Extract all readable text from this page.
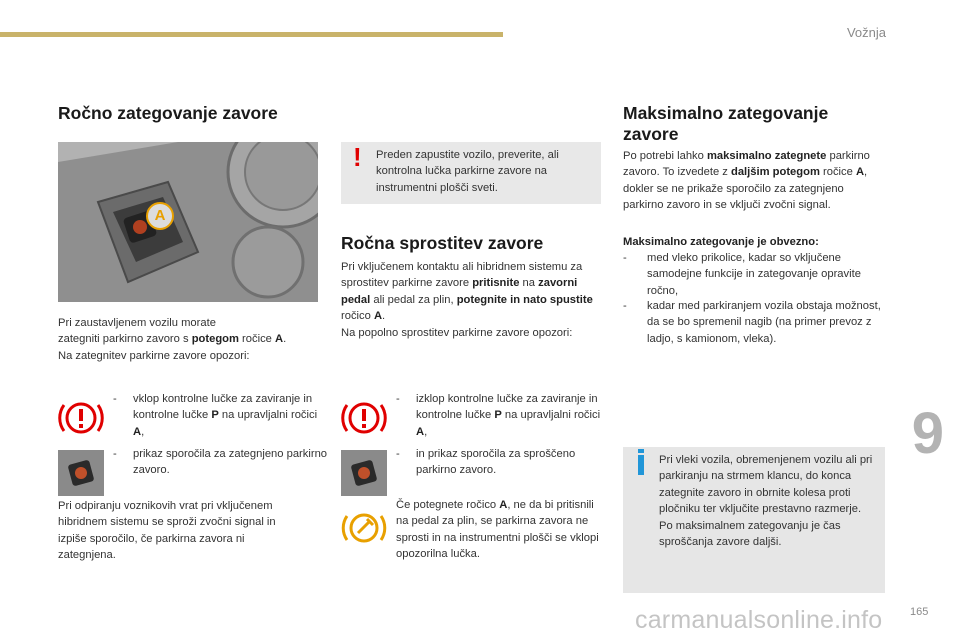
Vožnja
9
Ročno zategovanje zavore
A

Pri zaustavljenem vozilu morate

zategniti parkirno zavoro s potegom ročice A.

Na zategnitev parkirne zavore opozori:

- vklop kontrolne lučke za zaviranje in kontrolne lučke P na upravljalni ročici A,
- prikaz sporočila za zategnjeno parkirno zavoro.

Pri odpiranju voznikovih vrat pri vključenem hibridnem sistemu se sproži zvočni signal in izpiše sporočilo, če parkirna zavora ni zategnjena.

! Preden zapustite vozilo, preverite, ali kontrolna lučka parkirne zavore na instrumentni plošči sveti.

Ročna sprostitev zavore

Pri vključenem kontaktu ali hibridnem sistemu za sprostitev parkirne zavore pritisnite na zavorni pedal ali pedal za plin, potegnite in nato spustite ročico A.

Na popolno sprostitev parkirne zavore opozori:

- izklop kontrolne lučke za zaviranje in kontrolne lučke P na upravljalni ročici A,
- in prikaz sporočila za sproščeno parkirno zavoro.

Če potegnete ročico A, ne da bi pritisnili na pedal za plin, se parkirna zavora ne sprosti in na instrumentni plošči se vklopi opozorilna lučka.

Maksimalno zategovanje zavore

Po potrebi lahko maksimalno zategnete parkirno zavoro. To izvedete z daljšim potegom ročice A, dokler se ne prikaže sporočilo za zategnjeno parkirno zavoro in se vključi zvočni signal.

Maksimalno zategovanje je obvezno:

- med vleko prikolice, kadar so vključene samodejne funkcije in zategovanje opravite ročno,
- kadar med parkiranjem vozila obstaja možnost, da se bo spremenil nagib (na primer prevoz z ladjo, s kamionom, vleka).

Pri vleki vozila, obremenjenem vozilu ali pri parkiranju na strmem klancu, do konca zategnite zavoro in obrnite kolesa proti pločniku ter vključite prestavno razmerje.

Po maksimalnem zategovanju je čas sproščanja zavore daljši.

carmanualsonline.info	165
